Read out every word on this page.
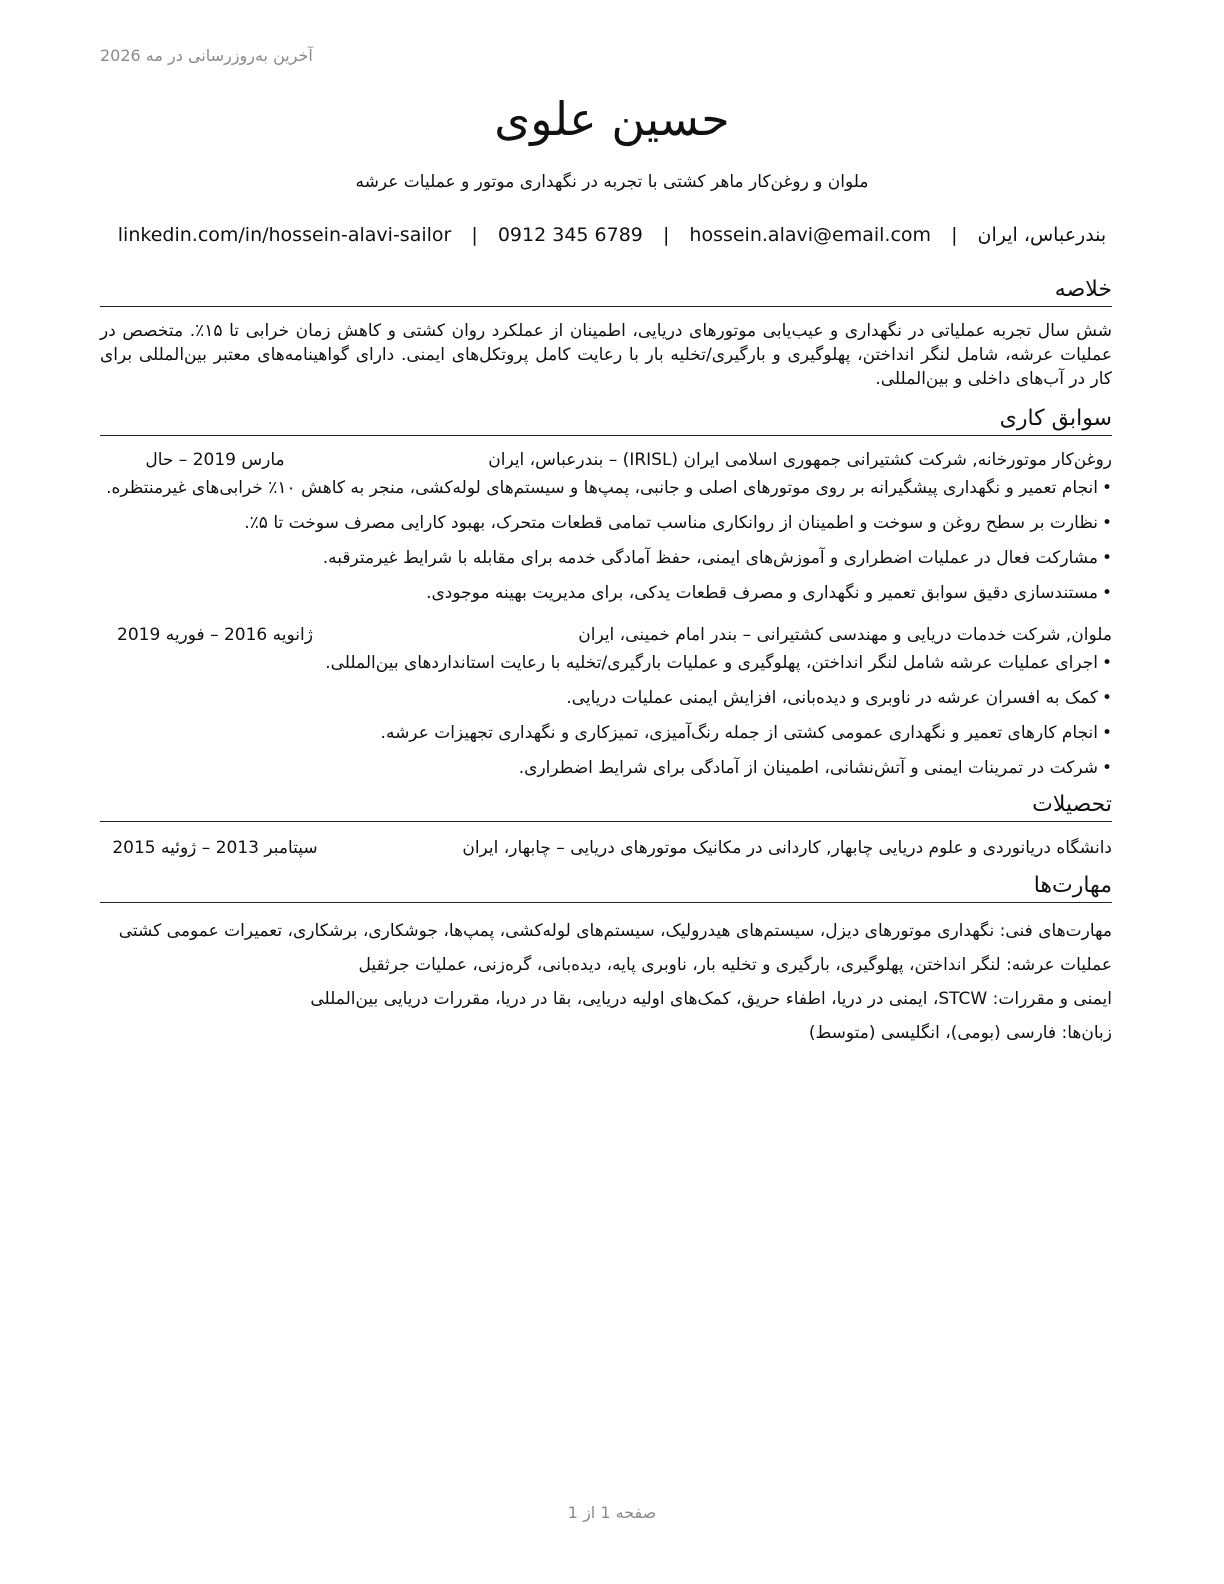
آخرین به‌روزرسانی در مه 2026
حسین علوی
ملوان و روغن‌کار ماهر کشتی با تجربه در نگهداری موتور و عملیات عرشه
بندرعباس، ایران | hossein.alavi@email.com | 0912 345 6789 | linkedin.com/in/hossein-alavi-sailor
خلاصه

شش سال تجربه عملیاتی در نگهداری و عیب‌یابی موتورهای دریایی، اطمینان از عملکرد روان کشتی و کاهش زمان خرابی تا ۱۵٪. متخصص در عملیات عرشه، شامل لنگر انداختن، پهلوگیری و بارگیری/تخلیه بار با رعایت کامل پروتکل‌های ایمنی. دارای گواهینامه‌های معتبر بین‌المللی برای کار در آب‌های داخلی و بین‌المللی.

سوابق کاری
روغن‌کار موتورخانه, شرکت کشتیرانی جمهوری اسلامی ایران (IRISL) – بندرعباس، ایران
مارس 2019 – حال
• انجام تعمیر و نگهداری پیشگیرانه بر روی موتورهای اصلی و جانبی، پمپ‌ها و سیستم‌های لوله‌کشی، منجر به کاهش ۱۰٪ خرابی‌های غیرمنتظره.
• نظارت بر سطح روغن و سوخت و اطمینان از روانکاری مناسب تمامی قطعات متحرک، بهبود کارایی مصرف سوخت تا ۵٪.
• مشارکت فعال در عملیات اضطراری و آموزش‌های ایمنی، حفظ آمادگی خدمه برای مقابله با شرایط غیرمترقبه.
• مستندسازی دقیق سوابق تعمیر و نگهداری و مصرف قطعات یدکی، برای مدیریت بهینه موجودی.
ملوان, شرکت خدمات دریایی و مهندسی کشتیرانی – بندر امام خمینی، ایران
ژانویه 2016 – فوریه 2019
• اجرای عملیات عرشه شامل لنگر انداختن، پهلوگیری و عملیات بارگیری/تخلیه با رعایت استانداردهای بین‌المللی.
• کمک به افسران عرشه در ناوبری و دیده‌بانی، افزایش ایمنی عملیات دریایی.
• انجام کارهای تعمیر و نگهداری عمومی کشتی از جمله رنگ‌آمیزی، تمیزکاری و نگهداری تجهیزات عرشه.
• شرکت در تمرینات ایمنی و آتش‌نشانی، اطمینان از آمادگی برای شرایط اضطراری.
تحصیلات
دانشگاه دریانوردی و علوم دریایی چابهار, کاردانی در مکانیک موتورهای دریایی – چابهار، ایران
سپتامبر 2013 – ژوئیه 2015
مهارت‌ها

مهارت‌های فنی: نگهداری موتورهای دیزل، سیستم‌های هیدرولیک، سیستم‌های لوله‌کشی، پمپ‌ها، جوشکاری، برشکاری، تعمیرات عمومی کشتی

عملیات عرشه: لنگر انداختن، پهلوگیری، بارگیری و تخلیه بار، ناوبری پایه، دیده‌بانی، گره‌زنی، عملیات جرثقیل

ایمنی و مقررات: STCW، ایمنی در دریا، اطفاء حریق، کمک‌های اولیه دریایی، بقا در دریا، مقررات دریایی بین‌المللی

زبان‌ها: فارسی (بومی)، انگلیسی (متوسط)

صفحه 1 از 1
